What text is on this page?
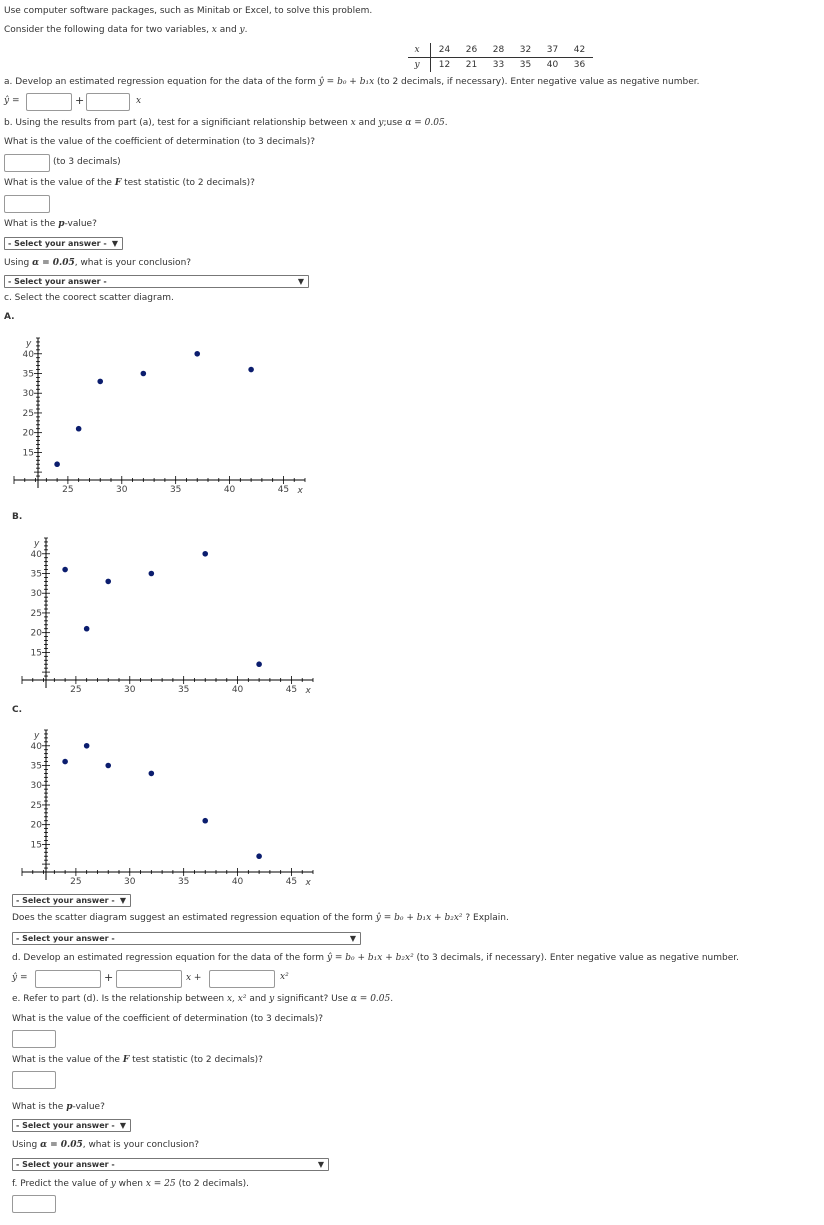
Use computer software packages, such as Minitab or Excel, to solve this problem.
Consider the following data for two variables, x and y.
x	24	26	28	32	37	42
y	12	21	33	35	40	36
a. Develop an estimated regression equation for the data of the form ŷ = b₀ + b₁x (to 2 decimals, if necessary). Enter negative value as negative number.
ŷ =	+	x
b. Using the results from part (a), test for a significiant relationship between x and y;use α = 0.05.
What is the value of the coefficient of determination (to 3 decimals)?
(to 3 decimals)
What is the value of the F test statistic (to 2 decimals)?
What is the p-value?
- Select your answer - ▼
Using α = 0.05, what is your conclusion?
- Select your answer -	▼
c. Select the coorect scatter diagram.
A.
25	30	35	40	45
15
20
25
30
35
40
y
x
B.
25	30	35	40	45
15
20
25
30
35
40
y
x
C.
25	30	35	40	45
15
20
25
30
35
40
y
x
- Select your answer - ▼
Does the scatter diagram suggest an estimated regression equation of the form ŷ = b₀ + b₁x + b₂x² ? Explain.
- Select your answer -	▼
d. Develop an estimated regression equation for the data of the form ŷ = b₀ + b₁x + b₂x² (to 3 decimals, if necessary). Enter negative value as negative number.
ŷ =	+	x +	x²
e. Refer to part (d). Is the relationship between x, x² and y significant? Use α = 0.05.
What is the value of the coefficient of determination (to 3 decimals)?
What is the value of the F test statistic (to 2 decimals)?
What is the p-value?
- Select your answer - ▼
Using α = 0.05, what is your conclusion?
- Select your answer -	▼
f. Predict the value of y when x = 25 (to 2 decimals).
